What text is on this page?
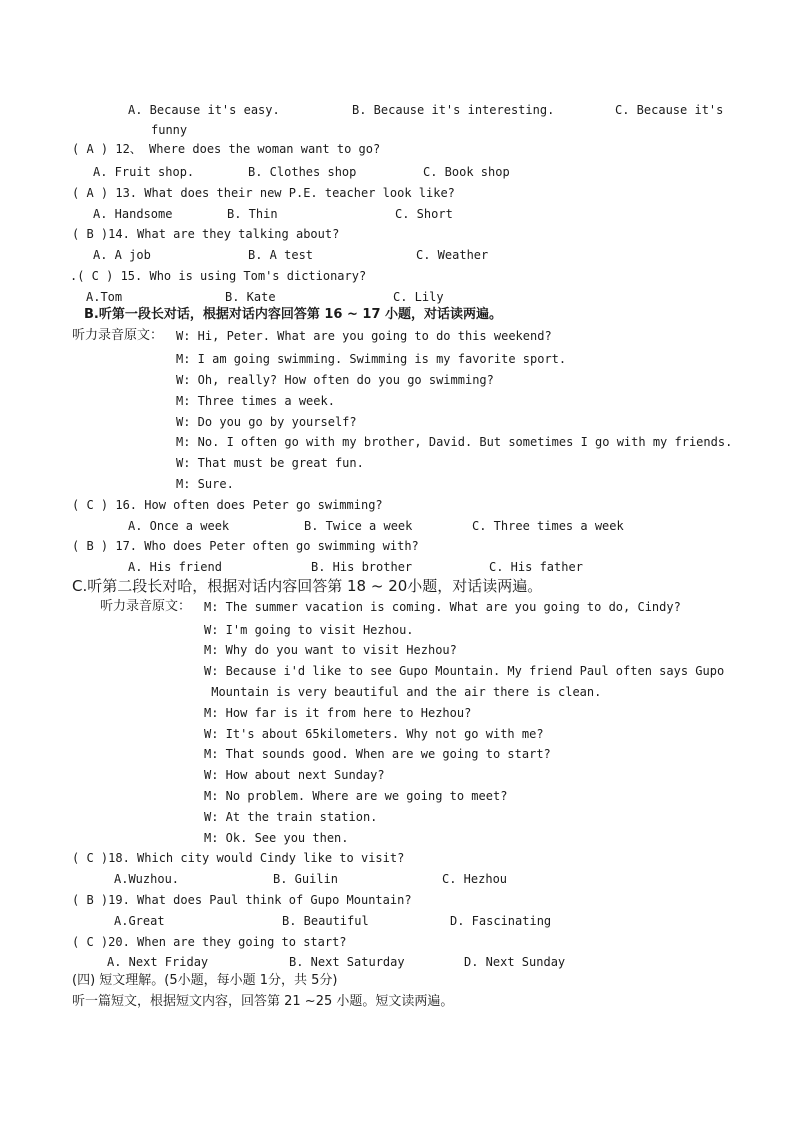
A. Because it's easy.	B. Because it's interesting.	C. Because it's
funny
( A ) 12、 Where does the woman want to go?
A. Fruit shop.	B. Clothes shop	C. Book shop
( A ) 13. What does their new P.E. teacher look like?
A. Handsome	B. Thin	C. Short
( B )14. What are they talking about?
A. A job	B. A test	C. Weather
.( C ) 15. Who is using Tom's dictionary?
A.Tom	B. Kate	C. Lily
B.听第一段长对话，根据对话内容回答第 16 ~ 17 小题，对话读两遍。
听力录音原文： W: Hi, Peter. What are you going to do this weekend?
M: I am going swimming. Swimming is my favorite sport.
W: Oh, really? How often do you go swimming?
M: Three times a week.
W: Do you go by yourself?
M: No. I often go with my brother, David. But sometimes I go with my friends.
W: That must be great fun.
M: Sure.
( C ) 16. How often does Peter go swimming?
A. Once a week	B. Twice a week	C. Three times a week
( B ) 17. Who does Peter often go swimming with?
A. His friend	B. His brother	C. His father
C.听第二段长对哈，根据对话内容回答第 18 ~ 20小题，对话读两遍。
听力录音原文： M: The summer vacation is coming. What are you going to do, Cindy?
W: I'm going to visit Hezhou.
M: Why do you want to visit Hezhou?
W: Because i'd like to see Gupo Mountain. My friend Paul often says Gupo
Mountain is very beautiful and the air there is clean.
M: How far is it from here to Hezhou?
W: It's about 65kilometers. Why not go with me?
M: That sounds good. When are we going to start?
W: How about next Sunday?
M: No problem. Where are we going to meet?
W: At the train station.
M: Ok. See you then.
( C )18. Which city would Cindy like to visit?
A.Wuzhou.	B. Guilin	C. Hezhou
( B )19. What does Paul think of Gupo Mountain?
A.Great	B. Beautiful	D. Fascinating
( C )20. When are they going to start?
A. Next Friday	B. Next Saturday	D. Next Sunday
(四) 短文理解。(5小题，每小题 1分，共 5分)
听一篇短文，根据短文内容，回答第 21 ~25 小题。短文读两遍。
